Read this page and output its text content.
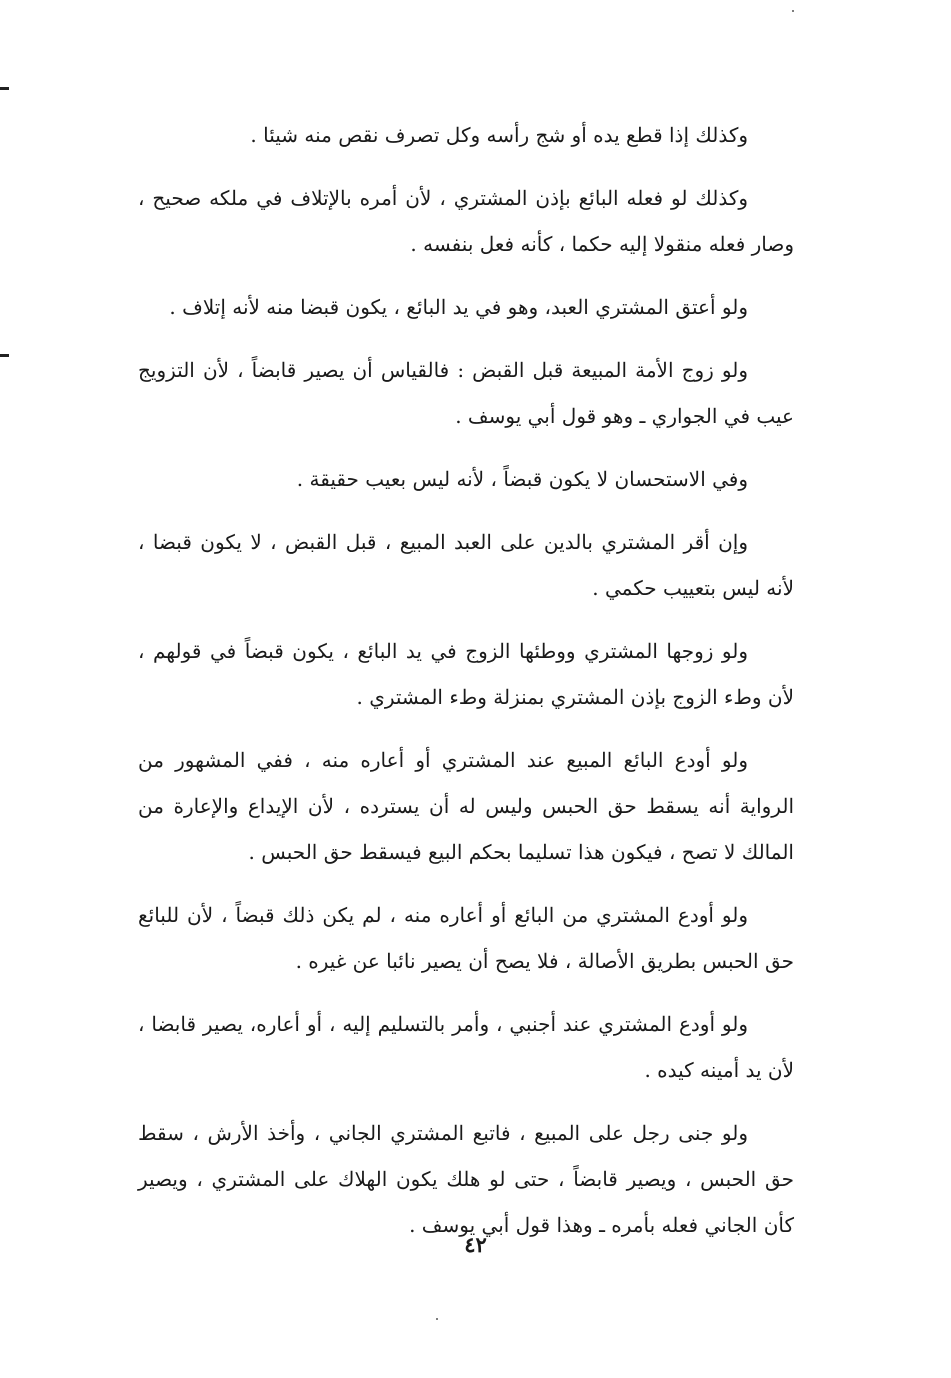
وكذلك إذا قطع يده أو شج رأسه وكل تصرف نقص منه شيئا .

وكذلك لو فعله البائع بإذن المشتري ، لأن أمره بالإتلاف في ملكه صحيح ، وصار فعله منقولا إليه حكما ، كأنه فعل بنفسه .

ولو أعتق المشتري العبد، وهو في يد البائع ، يكون قبضا منه لأنه إتلاف .

ولو زوج الأمة المبيعة قبل القبض : فالقياس أن يصير قابضاً ، لأن التزويج عيب في الجواري ـ وهو قول أبي يوسف .

وفي الاستحسان لا يكون قبضاً ، لأنه ليس بعيب حقيقة .

وإن أقر المشتري بالدين على العبد المبيع ، قبل القبض ، لا يكون قبضا ، لأنه ليس بتعييب حكمي .

ولو زوجها المشتري ووطئها الزوج في يد البائع ، يكون قبضاً في قولهم ، لأن وطء الزوج بإذن المشتري بمنزلة وطء المشتري .

ولو أودع البائع المبيع عند المشتري أو أعاره منه ، ففي المشهور من الرواية أنه يسقط حق الحبس وليس له أن يسترده ، لأن الإيداع والإعارة من المالك لا تصح ، فيكون هذا تسليما بحكم البيع فيسقط حق الحبس .

ولو أودع المشتري من البائع أو أعاره منه ، لم يكن ذلك قبضاً ، لأن للبائع حق الحبس بطريق الأصالة ، فلا يصح أن يصير نائبا عن غيره .

ولو أودع المشتري عند أجنبي ، وأمر بالتسليم إليه ، أو أعاره، يصير قابضا ، لأن يد أمينه كيده .

ولو جنى رجل على المبيع ، فاتبع المشتري الجاني ، وأخذ الأرش ، سقط حق الحبس ، ويصير قابضاً ، حتى لو هلك يكون الهلاك على المشتري ، ويصير كأن الجاني فعله بأمره ـ وهذا قول أبي يوسف .

٤٢
